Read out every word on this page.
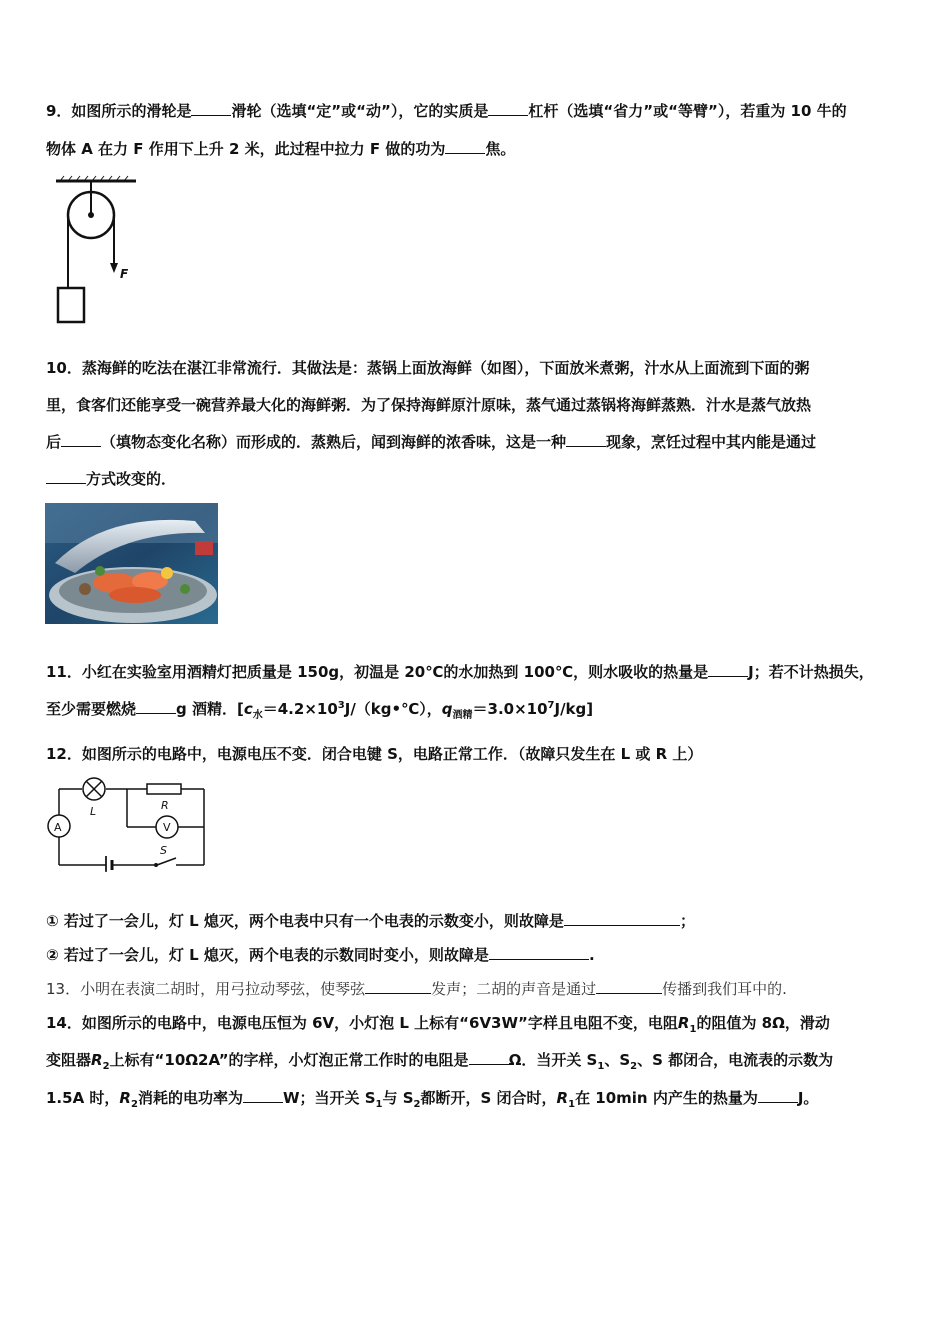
9．如图所示的滑轮是	滑轮（选填“定”或“动”），它的实质是	杠杆（选填“省力”或“等臂”），若重为 10 牛的
物体 A 在力 F 作用下上升 2 米，此过程中拉力 F 做的功为	焦。
F
10．蒸海鲜的吃法在湛江非常流行．其做法是：蒸锅上面放海鲜（如图），下面放米煮粥，汁水从上面流到下面的粥
里，食客们还能享受一碗营养最大化的海鲜粥．为了保持海鲜原汁原味，蒸气通过蒸锅将海鲜蒸熟．汁水是蒸气放热
后	（填物态变化名称）而形成的．蒸熟后，闻到海鲜的浓香味，这是一种	现象，烹饪过程中其内能是通过
方式改变的．
11．小红在实验室用酒精灯把质量是 150g，初温是 20℃的水加热到 100℃，则水吸收的热量是	J；若不计热损失，
至少需要燃烧	g 酒精．[$c_水=4.2\times 10^3J/(kg•℃)$，$q_{酒精}=3.0\times 10^7J/kg$]
12．如图所示的电路中，电源电压不变．闭合电键 S，电路正常工作．（故障只发生在 L 或 R 上）
A
L	R
V
S
① 若过了一会儿，灯 L 熄灭，两个电表中只有一个电表的示数变小，则故障是	；
② 若过了一会儿，灯 L 熄灭，两个电表的示数同时变小，则故障是	.
13．小明在表演二胡时，用弓拉动琴弦，使琴弦	发声；二胡的声音是通过	传播到我们耳中的.
14．如图所示的电路中，电源电压恒为 6V，小灯泡 L 上标有“6V3W”字样且电阻不变，电阻$R_1$的阻值为 8Ω，滑动
变阻器$R_2$上标有“10Ω2A”的字样，小灯泡正常工作时的电阻是	Ω．当开关 $S_1$、$S_2$、S 都闭合，电流表的示数为
1.5A 时，$R_2$消耗的电功率为	W；当开关 $S_1$与 $S_2$都断开，S 闭合时，$R_1$在 10min 内产生的热量为	J。
